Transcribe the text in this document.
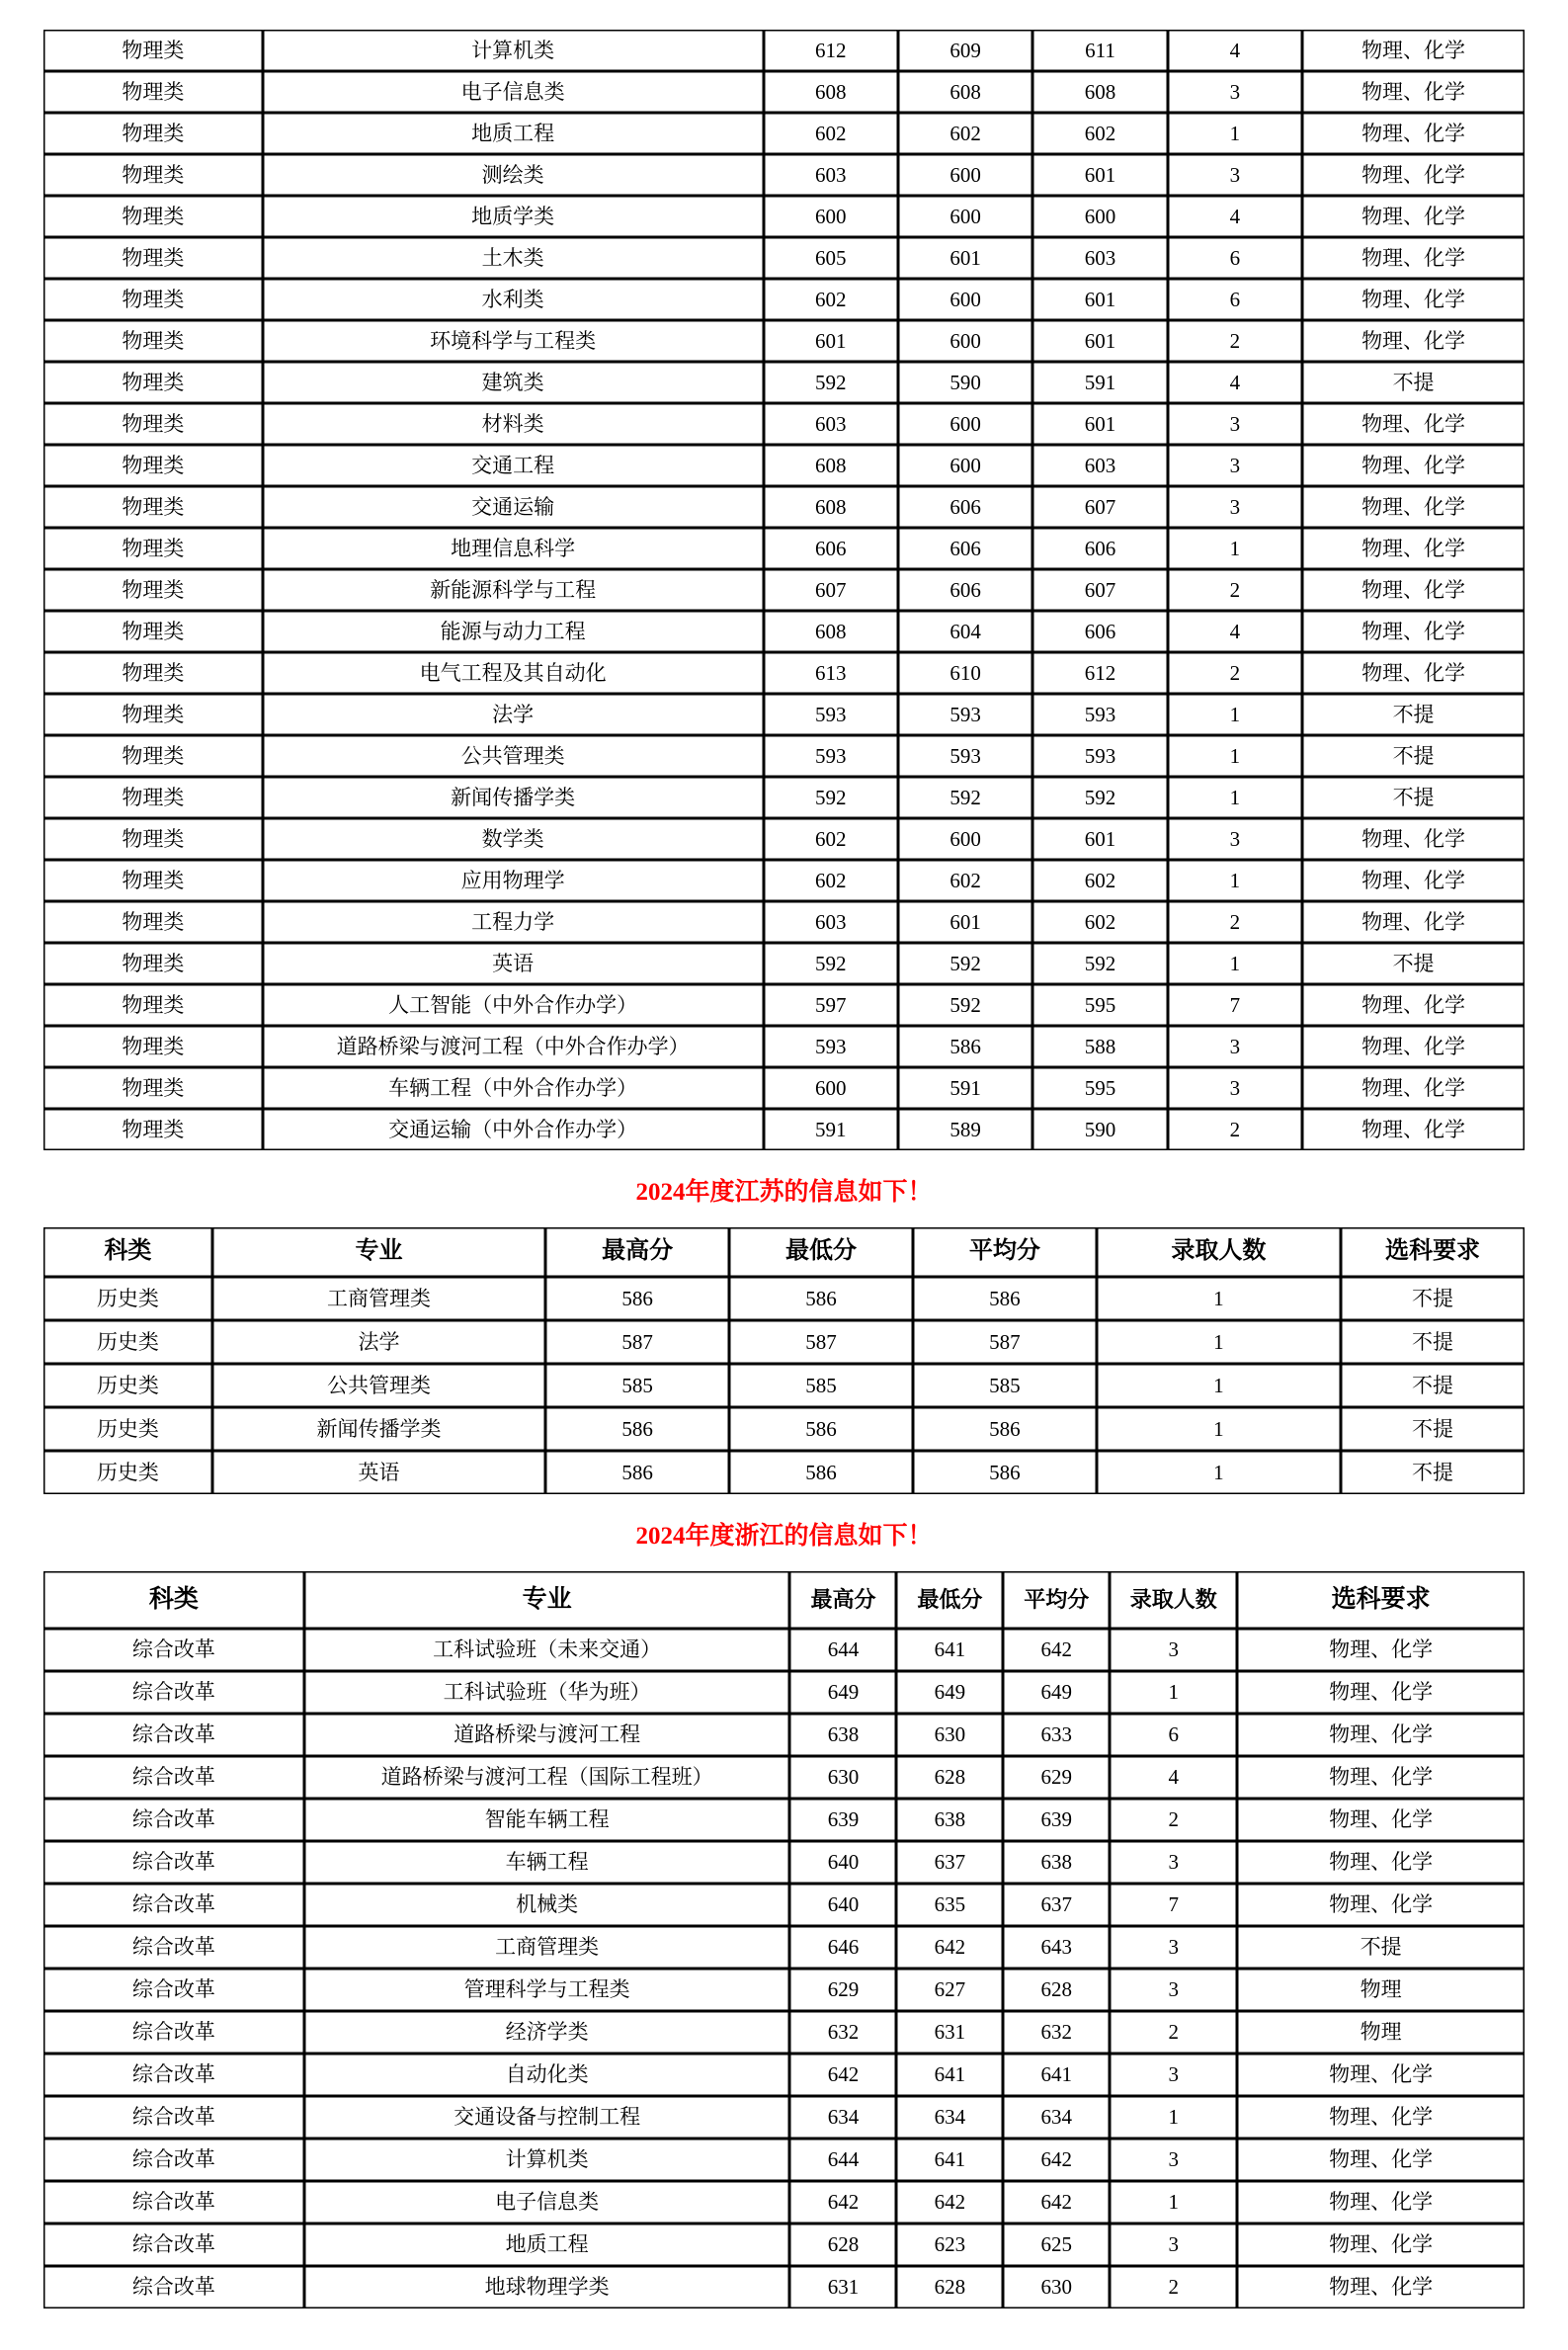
物理类	计算机类	612	609	611	4	物理、化学
物理类	电子信息类	608	608	608	3	物理、化学
物理类	地质工程	602	602	602	1	物理、化学
物理类	测绘类	603	600	601	3	物理、化学
物理类	地质学类	600	600	600	4	物理、化学
物理类	土木类	605	601	603	6	物理、化学
物理类	水利类	602	600	601	6	物理、化学
物理类	环境科学与工程类	601	600	601	2	物理、化学
物理类	建筑类	592	590	591	4	不提
物理类	材料类	603	600	601	3	物理、化学
物理类	交通工程	608	600	603	3	物理、化学
物理类	交通运输	608	606	607	3	物理、化学
物理类	地理信息科学	606	606	606	1	物理、化学
物理类	新能源科学与工程	607	606	607	2	物理、化学
物理类	能源与动力工程	608	604	606	4	物理、化学
物理类	电气工程及其自动化	613	610	612	2	物理、化学
物理类	法学	593	593	593	1	不提
物理类	公共管理类	593	593	593	1	不提
物理类	新闻传播学类	592	592	592	1	不提
物理类	数学类	602	600	601	3	物理、化学
物理类	应用物理学	602	602	602	1	物理、化学
物理类	工程力学	603	601	602	2	物理、化学
物理类	英语	592	592	592	1	不提
物理类	人工智能（中外合作办学）	597	592	595	7	物理、化学
物理类	道路桥梁与渡河工程（中外合作办学）	593	586	588	3	物理、化学
物理类	车辆工程（中外合作办学）	600	591	595	3	物理、化学
物理类	交通运输（中外合作办学）	591	589	590	2	物理、化学
2024年度江苏的信息如下！
科类	专业	最高分	最低分	平均分	录取人数	选科要求
历史类	工商管理类	586	586	586	1	不提
历史类	法学	587	587	587	1	不提
历史类	公共管理类	585	585	585	1	不提
历史类	新闻传播学类	586	586	586	1	不提
历史类	英语	586	586	586	1	不提
2024年度浙江的信息如下！
科类	专业	最高分	最低分	平均分	录取人数	选科要求
综合改革	工科试验班（未来交通）	644	641	642	3	物理、化学
综合改革	工科试验班（华为班）	649	649	649	1	物理、化学
综合改革	道路桥梁与渡河工程	638	630	633	6	物理、化学
综合改革	道路桥梁与渡河工程（国际工程班）	630	628	629	4	物理、化学
综合改革	智能车辆工程	639	638	639	2	物理、化学
综合改革	车辆工程	640	637	638	3	物理、化学
综合改革	机械类	640	635	637	7	物理、化学
综合改革	工商管理类	646	642	643	3	不提
综合改革	管理科学与工程类	629	627	628	3	物理
综合改革	经济学类	632	631	632	2	物理
综合改革	自动化类	642	641	641	3	物理、化学
综合改革	交通设备与控制工程	634	634	634	1	物理、化学
综合改革	计算机类	644	641	642	3	物理、化学
综合改革	电子信息类	642	642	642	1	物理、化学
综合改革	地质工程	628	623	625	3	物理、化学
综合改革	地球物理学类	631	628	630	2	物理、化学
